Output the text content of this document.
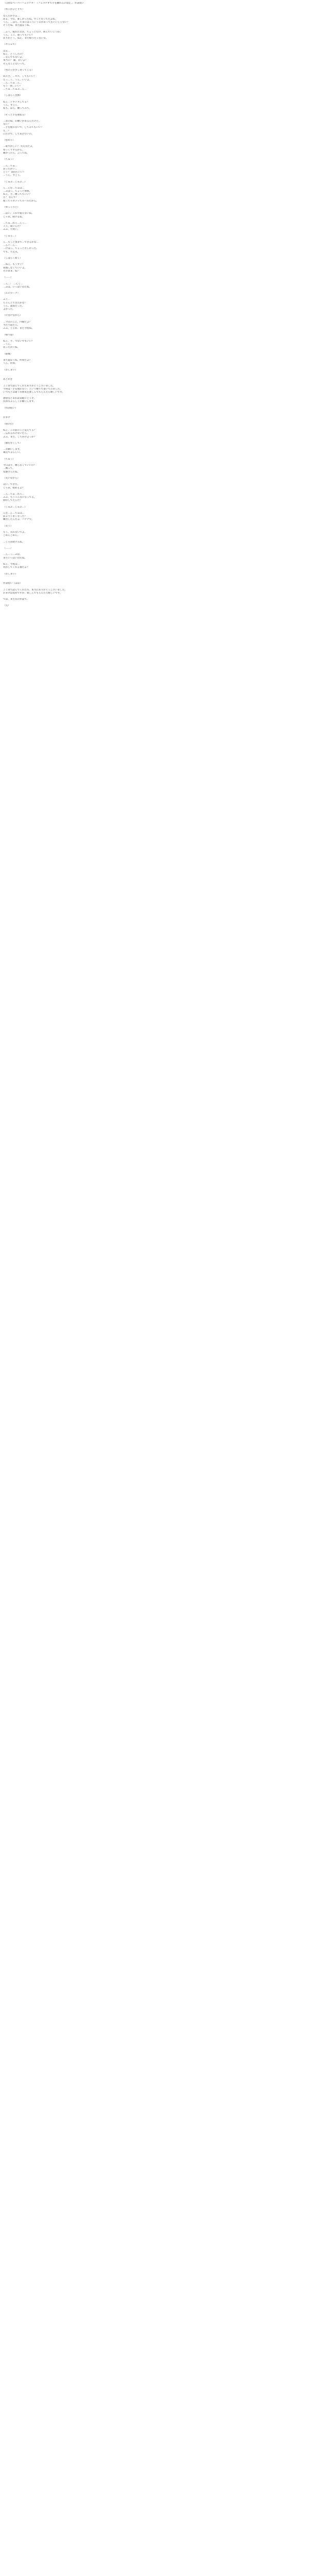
「自由なペーパーフェラチオ！（フェラチオで手を触れるの禁止。」作詞短い
（男子がひとりで）
なんだかさぁ…
あぁ、今日、楽しかったね。ずっと笑ってたよね。
うん。…ほら、たまにはこういう日があってもいいじゃない？
そうだね。また遊ぼうね。
…ふぅ。疲れたなあ。ちょっとだけ、休んでいこうか。
うん。ここ、座ってもいい？
ありがとう。ねえ、まだ帰りたくないな。
（キャムで）
はぁ…
ねぇ、どうしたの？
…なんでもないよ。
本当に？ 顔、赤いよ？
そんなことないって。
（男の子が少し寄ってくる）
あのさ、…キス、してもいい？
えっ…う、うん。いいよ。
…ん…ちゅ…ん…
もう一回…いい？
…ちゅ…ちゅぷ…ん…
（しばらく沈黙）
ねぇ…ドキドキしてる？
うん。すごく。
私も。ほら、触ってみて。
（そっと手を重ねる）
…あのね、お願いがあるんだけど。
なに？
…手を使わないで、してみてもいい？
え…？
口だけで、してあげたいの。
（慰めゃ）
…恥ずかしい？ 大丈夫だよ。
ゆっくりするから。
痛かったら、言ってね。
（ちゅっ）
…ん…ちゅ…
あったかい…
どう？ 気持ちいい？
…うん。すごく。
（じゅぷ…じゅぷ…）
ん…んむ…ちゅぱ…
…ぷはっ。ちょっと休憩。
ねぇ、手、縛ってもいい？
え？ なんで？
使っちゃダメってルールだから。
（ゆっくりと）
…はい、これで使えないね。
じゃあ、続けるね。
…ちゅ…れろ…んっ…
ここ、弱いんだ？
ふふ、可愛い。
（じゅる…）
ん…もっと奥まで…できるかな…
…んぐ…ん…
…けほっ。ちょっと苦しかった。
でも、大丈夫。
（しばらく続く）
…ねぇ、もうすぐ？
我慢しなくていいよ。
そのまま、ね？
（……）
…ん…！ …んく…
…ぷは。いっぱい出たね。
（エピローグ）
ふぅ…
ちゃんとできたかな？
うん。最高だった。
よかった。
（片付けながら）
…今日のこと、内緒だよ？
当たり前だろ。
ふふ。じゃあ、また今度ね。
（帰り道）
ねぇ、手、つないでもいい？
…うん。
あったかいね。
（最後）
また遊ぼうね。約束だよ？
うん。約束。
（おしまい）
あとがき
ここまで読んでくれてありがとうございました。
今回は「手を使わない」という縛りで書いてみました。
いつもとは違う雰囲気を楽しんでもらえたら嬉しいです。
感想などあれば気軽にどうぞ。
次回もよろしくお願いします。
（作詞短い）
おまけ
（別の日）
ねぇ、この前のこと覚えてる？
…忘れるわけないだろ。
ふふ。また、してあげよっか？
（顔を赤くして）
…お願いします。
素直でよろしい。
（ちゅっ）
今日は手、縛らなくていいの？
…縛って。
変態さんだね。
（笑いながら）
はい、できた。
じゃあ、始めるよ？
…ん…ちゅ…れろ…
ふふ、もうこんなになってる。
期待してたんだ？
（じゅぷ…じゅぷ…）
んむ…ん…ちゅぱ…
前よりうまくなった？
練習したんだよ、バナナで。
（笑う）
もう、笑わないでよ。
ごめんごめん。
…じゃあ続けるね。
（……）
…ん…っ…ぷは。
またいっぱい出たね。
ねぇ、今度は…
君がしてくれる番だよ？
（おしまい）
作詞短い（ほぼ）
ここまで読んでくれた方、本当にありがとうございました。
おまけは短めですが、楽しんでもらえたら嬉しいです。
では、また次の作品で。
（完）
